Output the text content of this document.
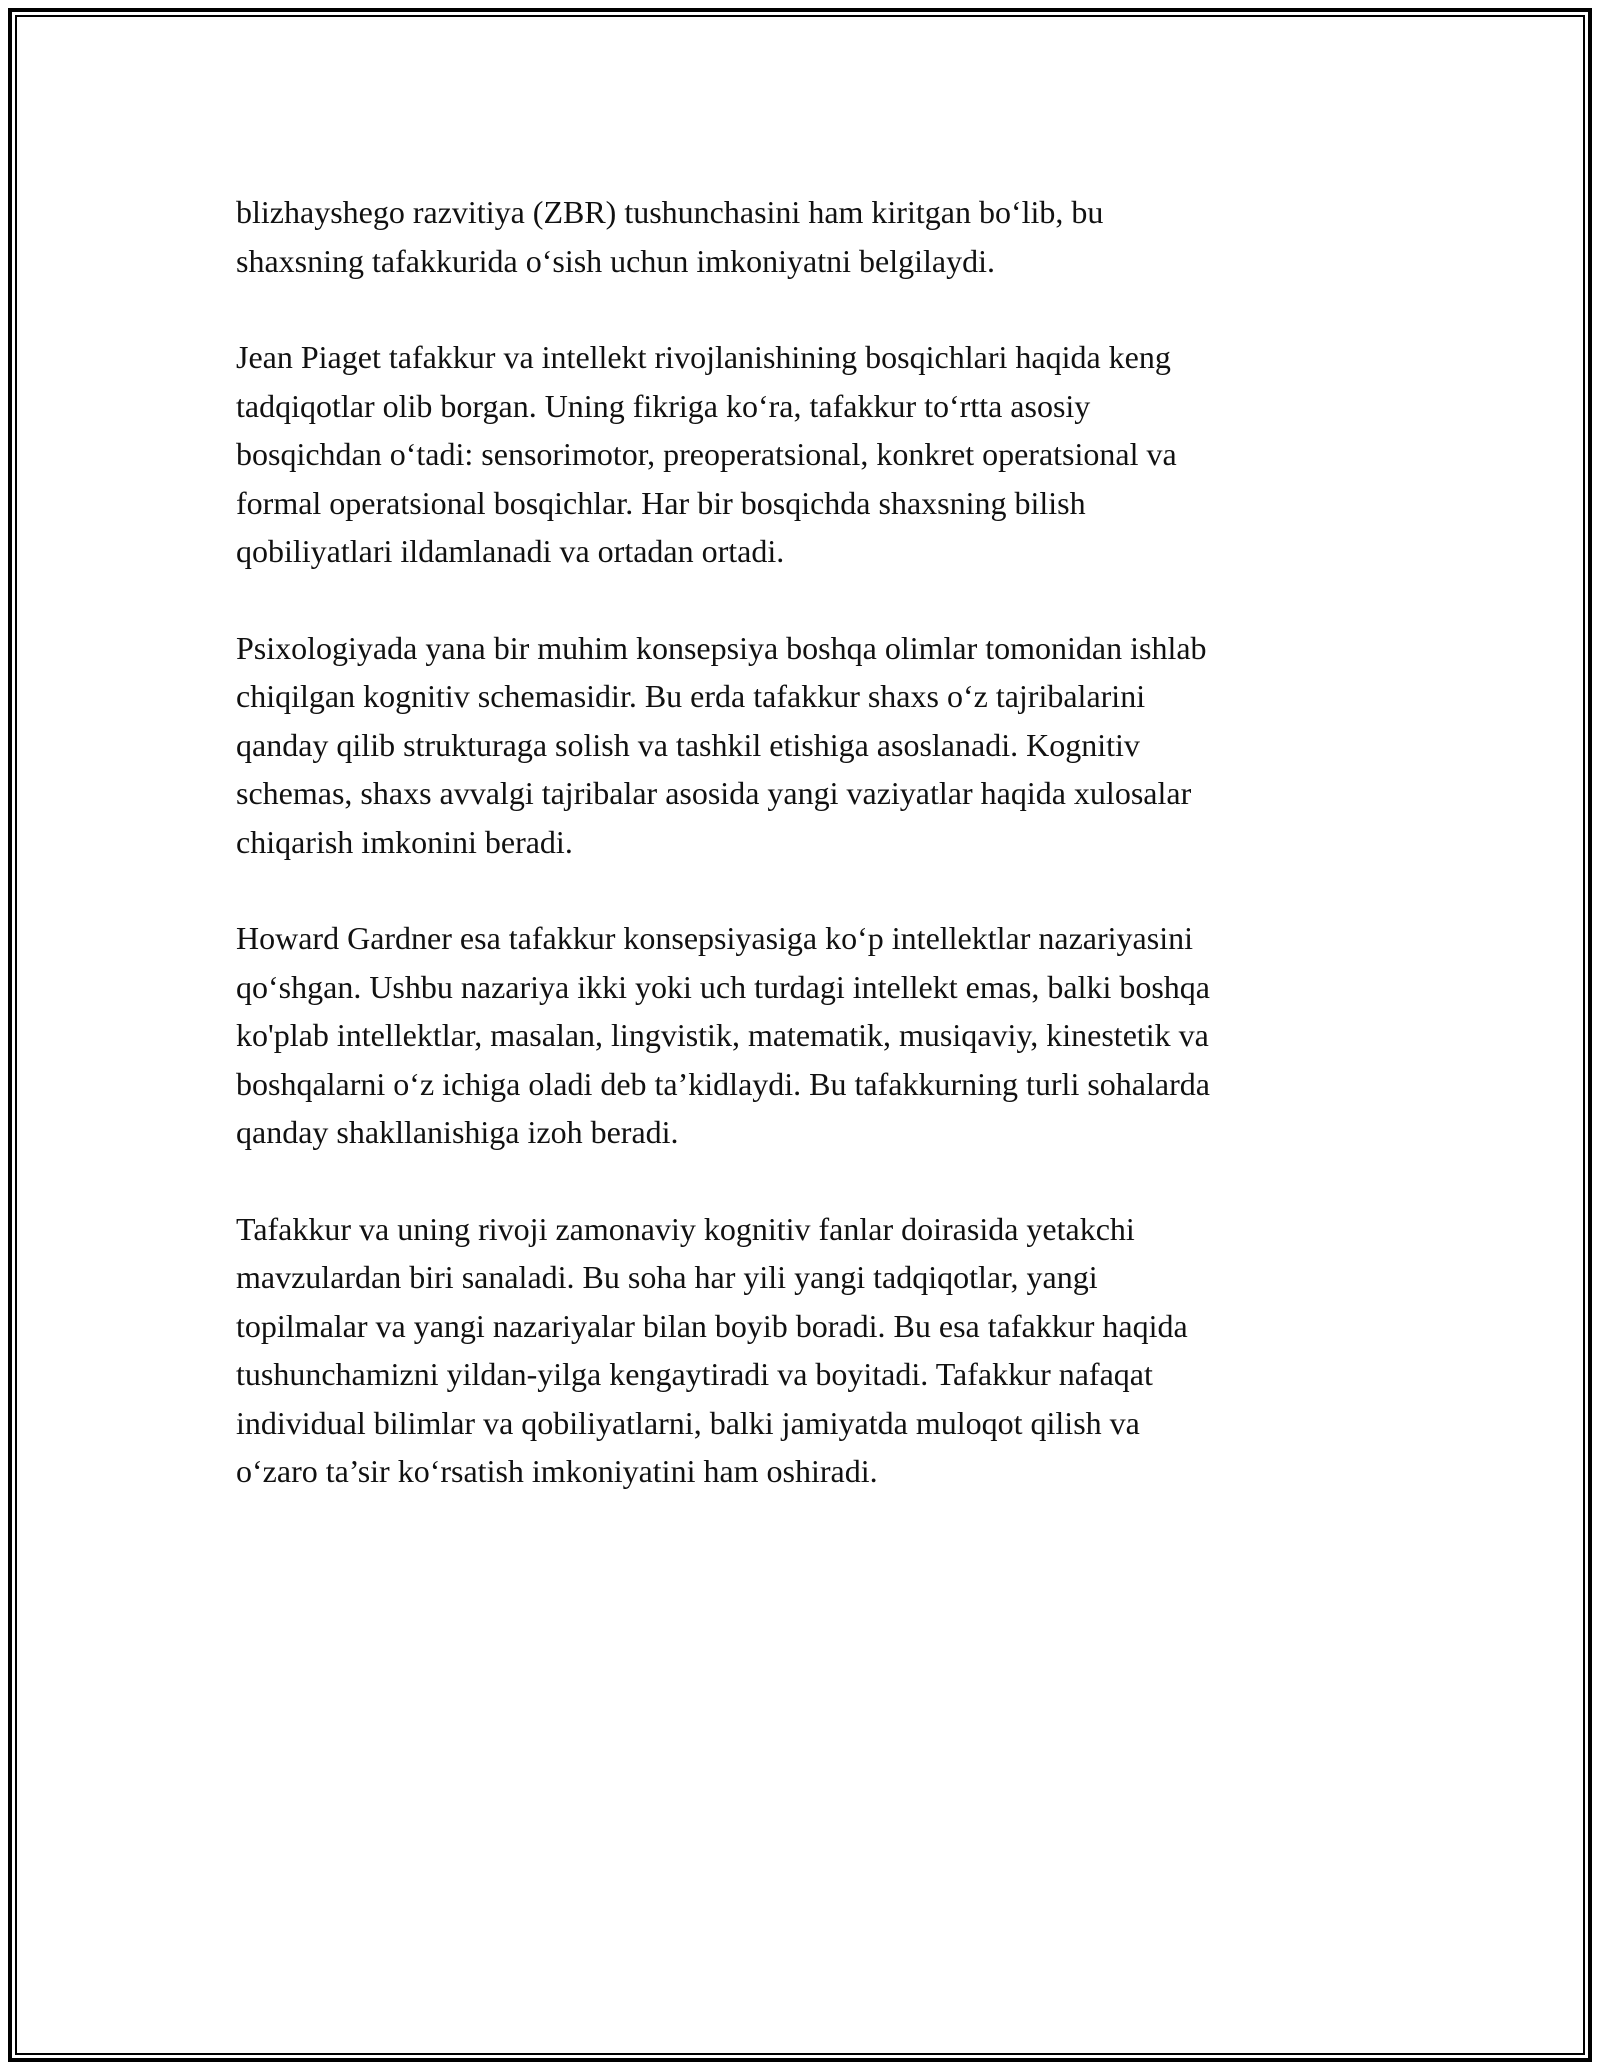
blizhayshego razvitiya (ZBR) tushunchasini ham kiritgan bo‘lib, bu
shaxsning tafakkurida o‘sish uchun imkoniyatni belgilaydi.

Jean Piaget tafakkur va intellekt rivojlanishining bosqichlari haqida keng
tadqiqotlar olib borgan. Uning fikriga ko‘ra, tafakkur to‘rtta asosiy
bosqichdan o‘tadi: sensorimotor, preoperatsional, konkret operatsional va
formal operatsional bosqichlar. Har bir bosqichda shaxsning bilish
qobiliyatlari ildamlanadi va ortadan ortadi.

Psixologiyada yana bir muhim konsepsiya boshqa olimlar tomonidan ishlab
chiqilgan kognitiv schemasidir. Bu erda tafakkur shaxs o‘z tajribalarini
qanday qilib strukturaga solish va tashkil etishiga asoslanadi. Kognitiv
schemas, shaxs avvalgi tajribalar asosida yangi vaziyatlar haqida xulosalar
chiqarish imkonini beradi.

Howard Gardner esa tafakkur konsepsiyasiga ko‘p intellektlar nazariyasini
qo‘shgan. Ushbu nazariya ikki yoki uch turdagi intellekt emas, balki boshqa
ko'plab intellektlar, masalan, lingvistik, matematik, musiqaviy, kinestetik va
boshqalarni o‘z ichiga oladi deb ta’kidlaydi. Bu tafakkurning turli sohalarda
qanday shakllanishiga izoh beradi.

Tafakkur va uning rivoji zamonaviy kognitiv fanlar doirasida yetakchi
mavzulardan biri sanaladi. Bu soha har yili yangi tadqiqotlar, yangi
topilmalar va yangi nazariyalar bilan boyib boradi. Bu esa tafakkur haqida
tushunchamizni yildan-yilga kengaytiradi va boyitadi. Tafakkur nafaqat
individual bilimlar va qobiliyatlarni, balki jamiyatda muloqot qilish va
o‘zaro ta’sir ko‘rsatish imkoniyatini ham oshiradi.
